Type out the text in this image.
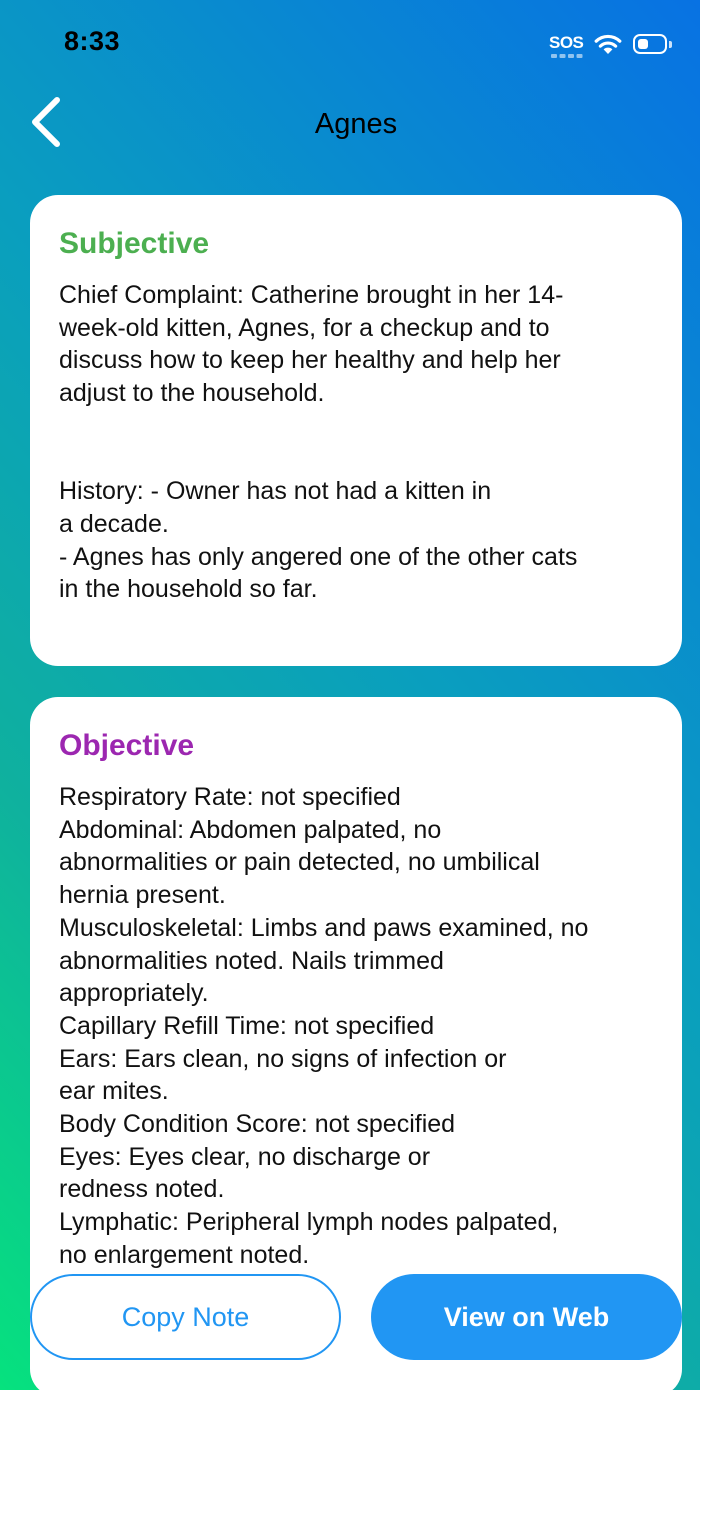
8:33	SOS
Agnes
Subjective

Chief Complaint: Catherine brought in her 14-
week-old kitten, Agnes, for a checkup and to
discuss how to keep her healthy and help her
adjust to the household.

History: - Owner has not had a kitten in
a decade.
- Agnes has only angered one of the other cats
in the household so far.

Objective

Respiratory Rate: not specified
Abdominal: Abdomen palpated, no
abnormalities or pain detected, no umbilical
hernia present.
Musculoskeletal: Limbs and paws examined, no
abnormalities noted. Nails trimmed
appropriately.
Capillary Refill Time: not specified
Ears: Ears clean, no signs of infection or
ear mites.
Body Condition Score: not specified
Eyes: Eyes clear, no discharge or
redness noted.
Lymphatic: Peripheral lymph nodes palpated,
no enlargement noted.

Copy Note	View on Web
